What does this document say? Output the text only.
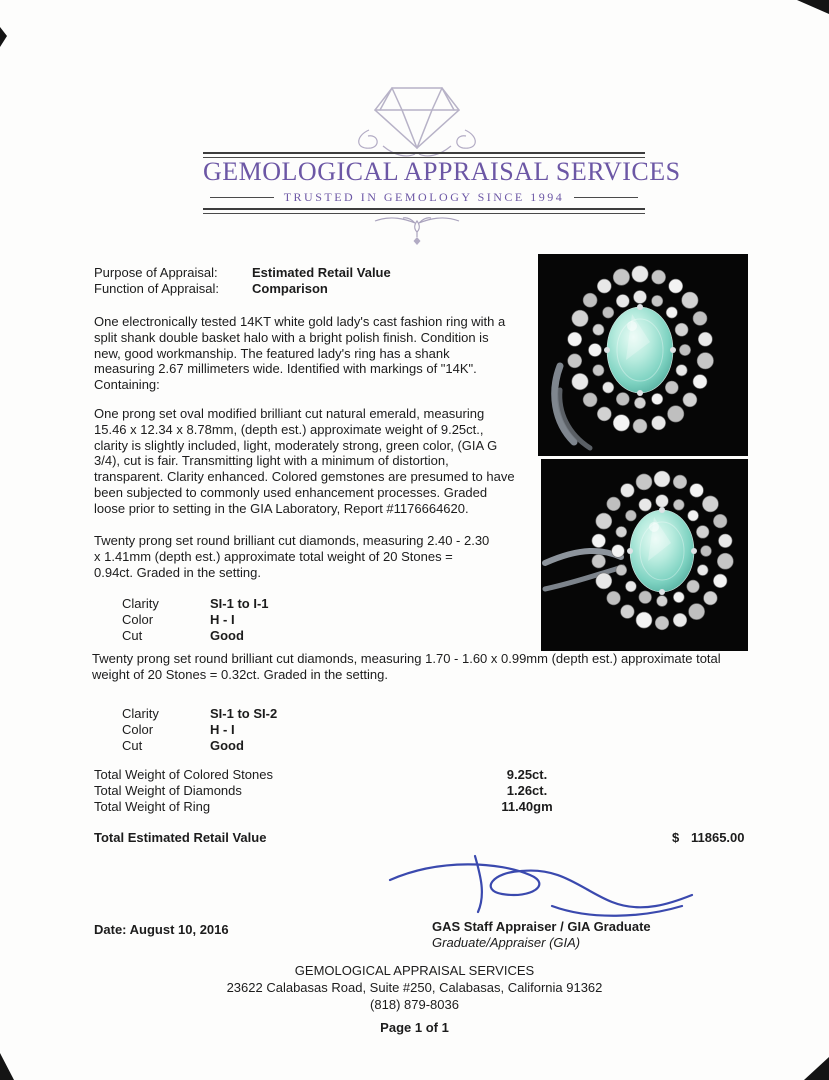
GEMOLOGICAL APPRAISAL SERVICES
TRUSTED IN GEMOLOGY SINCE 1994
Purpose of Appraisal:	Estimated Retail Value
Function of Appraisal:	Comparison

One electronically tested 14KT white gold lady's cast fashion ring with a split shank double basket halo with a bright polish finish. Condition is new, good workmanship. The featured lady's ring has a shank measuring 2.67 millimeters wide. Identified with markings of "14K". Containing:

One prong set oval modified brilliant cut natural emerald, measuring 15.46 x 12.34 x 8.78mm, (depth est.) approximate weight of 9.25ct., clarity is slightly included, light, moderately strong, green color, (GIA G 3/4), cut is fair. Transmitting light with a minimum of distortion, transparent. Clarity enhanced. Colored gemstones are presumed to have been subjected to commonly used enhancement processes. Graded loose prior to setting in the GIA Laboratory, Report #1176664620.

Twenty prong set round brilliant cut diamonds, measuring 2.40 - 2.30 x 1.41mm (depth est.) approximate total weight of 20 Stones = 0.94ct. Graded in the setting.

Clarity	SI-1 to I-1
Color	H - I
Cut	Good

Twenty prong set round brilliant cut diamonds, measuring 1.70 - 1.60 x 0.99mm (depth est.) approximate total weight of 20 Stones = 0.32ct. Graded in the setting.

Clarity	SI-1 to SI-2
Color	H - I
Cut	Good
Total Weight of Colored Stones	9.25ct.
Total Weight of Diamonds	1.26ct.
Total Weight of Ring	11.40gm
Total Estimated Retail Value	$ 11865.00
Date: August 10, 2016	GAS Staff Appraiser / GIA Graduate
Graduate/Appraiser (GIA)
GEMOLOGICAL APPRAISAL SERVICES
23622 Calabasas Road, Suite #250, Calabasas, California 91362
(818) 879-8036
Page 1 of 1
